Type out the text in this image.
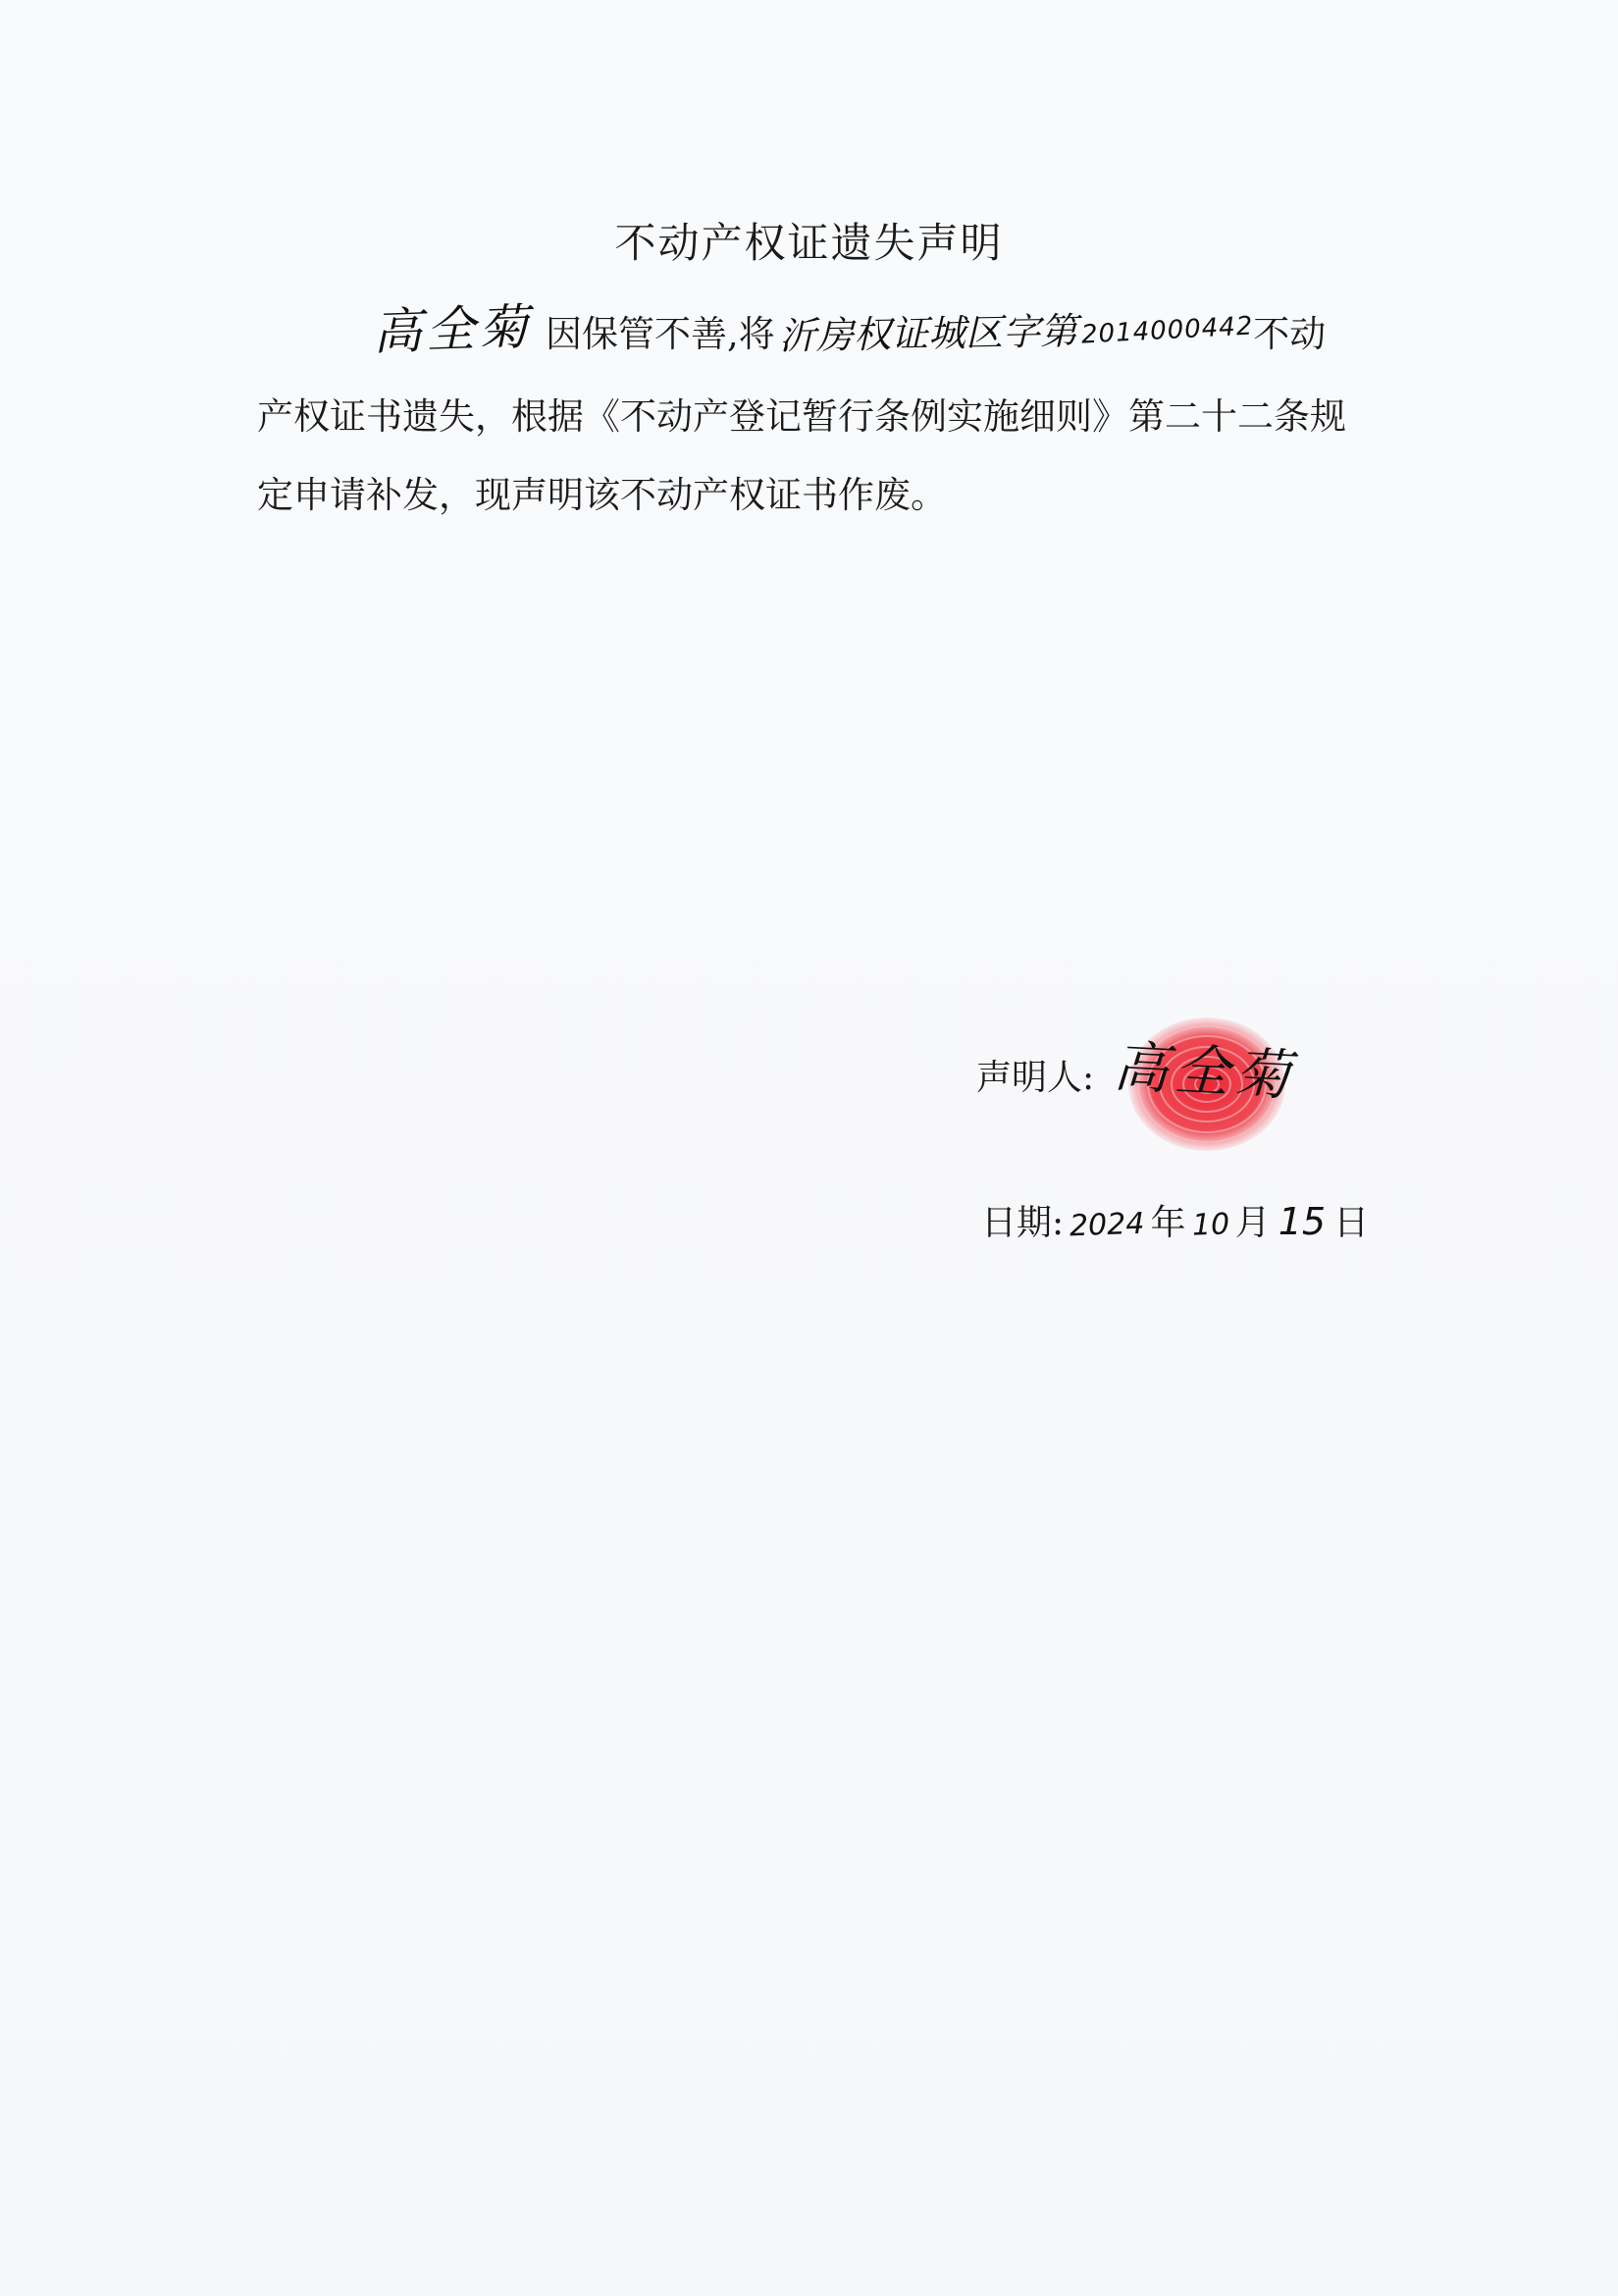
不动产权证遗失声明
高全菊 因保管不善,将沂房权证城区字第 2014000442不动
产权证书遗失，根据《不动产登记暂行条例实施细则》第二十二条规
定申请补发，现声明该不动产权证书作废。
声明人: 高全菊
日期: 2024 年 10 月 15 日
